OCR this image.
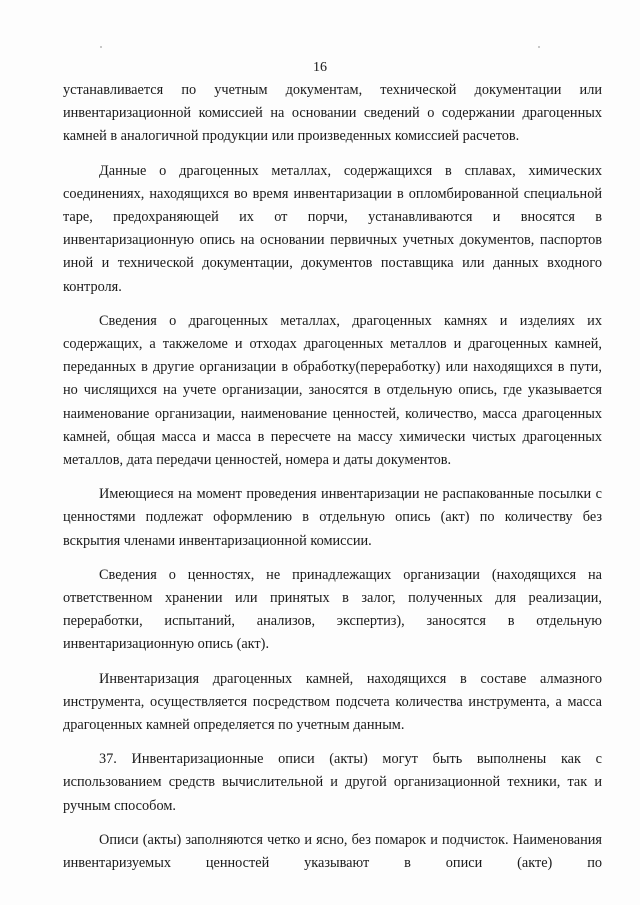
16

устанавливается по учетным документам, технической документации или инвентаризационной комиссией на основании сведений о содержании драгоценных камней в аналогичной продукции или произведенных комиссией расчетов.

Данные о драгоценных металлах, содержащихся в сплавах, химических соединениях, находящихся во время инвентаризации в опломбированной специальной таре, предохраняющей их от порчи, устанавливаются и вносятся в инвентаризационную опись на основании первичных учетных документов, паспортов иной и технической документации, документов поставщика или данных входного контроля.

Сведения о драгоценных металлах, драгоценных камнях и изделиях их содержащих, а такжеломе и отходах драгоценных металлов и драгоценных камней, переданных в другие организации в обработку(переработку) или находящихся в пути, но числящихся на учете организации, заносятся в отдельную опись, где указывается наименование организации, наименование ценностей, количество, масса драгоценных камней, общая масса и масса в пересчете на массу химически чистых драгоценных металлов, дата передачи ценностей, номера и даты документов.

Имеющиеся на момент проведения инвентаризации не распакованные посылки с ценностями подлежат оформлению в отдельную опись (акт) по количеству без вскрытия членами инвентаризационной комиссии.

Сведения о ценностях, не принадлежащих организации (находящихся на ответственном хранении или принятых в залог, полученных для реализации, переработки, испытаний, анализов, экспертиз), заносятся в отдельную инвентаризационную опись (акт).

Инвентаризация драгоценных камней, находящихся в составе алмазного инструмента, осуществляется посредством подсчета количества инструмента, а масса драгоценных камней определяется по учетным данным.

37. Инвентаризационные описи (акты) могут быть выполнены как с использованием средств вычислительной и другой организационной техники, так и ручным способом.

Описи (акты) заполняются четко и ясно, без помарок и подчисток. Наименования инвентаризуемых ценностей указывают в описи (акте) по
